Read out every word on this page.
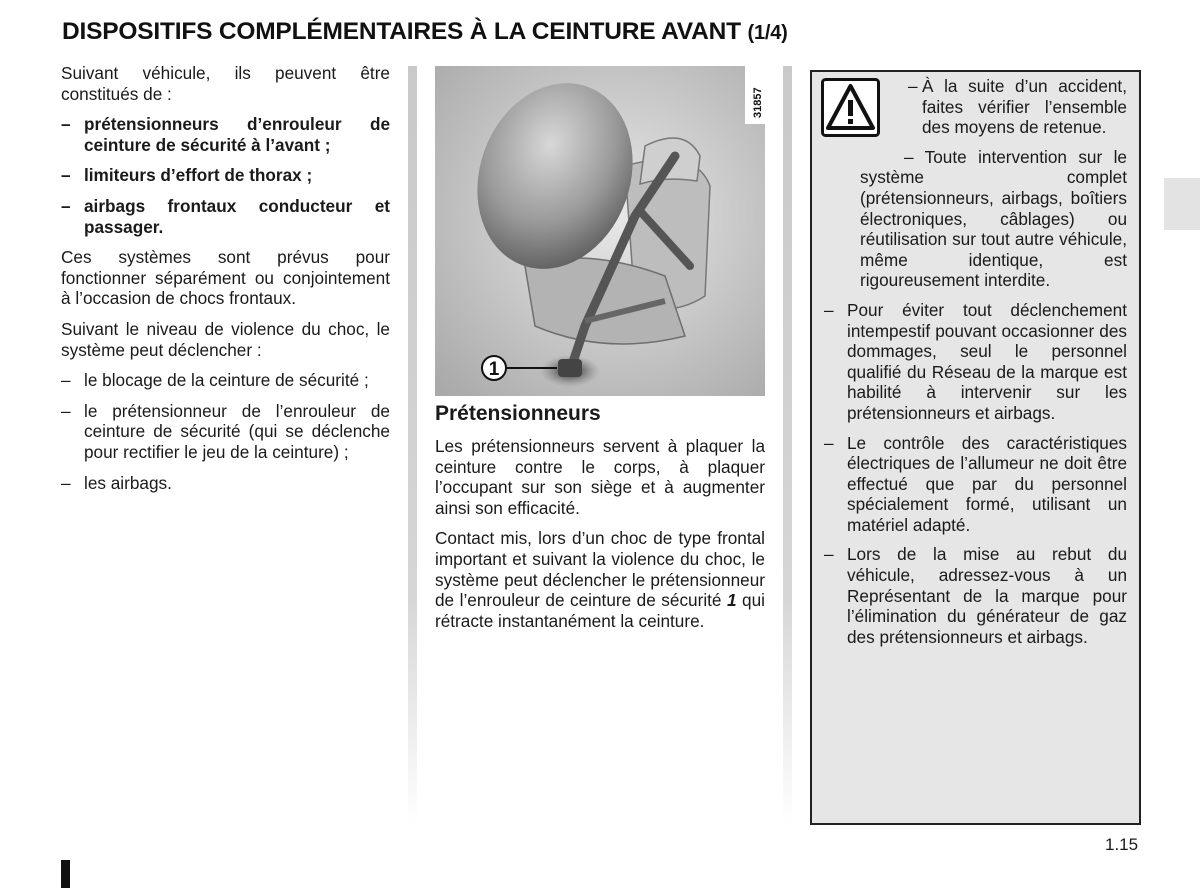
DISPOSITIFS COMPLÉMENTAIRES À LA CEINTURE AVANT (1/4)

Suivant véhicule, ils peuvent être constitués de :

– prétensionneurs d’enrouleur de ceinture de sécurité à l’avant ;
– limiteurs d’effort de thorax ;
– airbags frontaux conducteur et passager.

Ces systèmes sont prévus pour fonctionner séparément ou conjointement à l’occasion de chocs frontaux.

Suivant le niveau de violence du choc, le système peut déclencher :

– le blocage de la ceinture de sécurité ;
– le prétensionneur de l’enrouleur de ceinture de sécurité (qui se déclenche pour rectifier le jeu de la ceinture) ;
– les airbags.
1
31857
Prétensionneurs

Les prétensionneurs servent à plaquer la ceinture contre le corps, à plaquer l’occupant sur son siège et à augmenter ainsi son efficacité.

Contact mis, lors d’un choc de type frontal important et suivant la violence du choc, le système peut déclencher le prétensionneur de l’enrouleur de ceinture de sécurité 1 qui rétracte instantanément la ceinture.

– À la suite d’un accident, faites vérifier l’ensemble des moyens de retenue.
– Toute intervention sur le système complet (prétensionneurs, airbags, boîtiers électroniques, câblages) ou réutilisation sur tout autre véhicule, même identique, est rigoureusement interdite.
– Pour éviter tout déclenchement intempestif pouvant occasionner des dommages, seul le personnel qualifié du Réseau de la marque est habilité à intervenir sur les prétensionneurs et airbags.
– Le contrôle des caractéristiques électriques de l’allumeur ne doit être effectué que par du personnel spécialement formé, utilisant un matériel adapté.
– Lors de la mise au rebut du véhicule, adressez-vous à un Représentant de la marque pour l’élimination du générateur de gaz des prétensionneurs et airbags.
1.15
